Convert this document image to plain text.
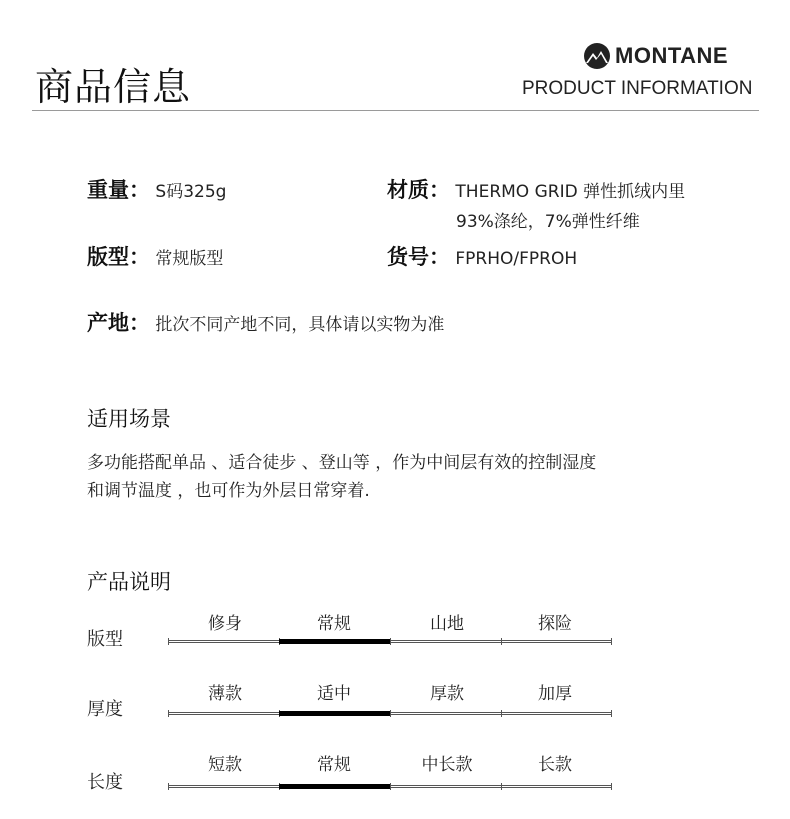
商品信息
MONTANE
PRODUCT INFORMATION
重量： S码325g	材质： THERMO GRID 弹性抓绒内里
93%涤纶，7%弹性纤维
版型： 常规版型	货号： FPRHO/FPROH
产地： 批次不同产地不同，具体请以实物为准
适用场景
多功能搭配单品 、适合徒步 、登山等 ，作为中间层有效的控制湿度
和调节温度 ，也可作为外层日常穿着.
产品说明
版型
修身	常规	山地	探险
厚度
薄款	适中	厚款	加厚
长度
短款	常规	中长款	长款
